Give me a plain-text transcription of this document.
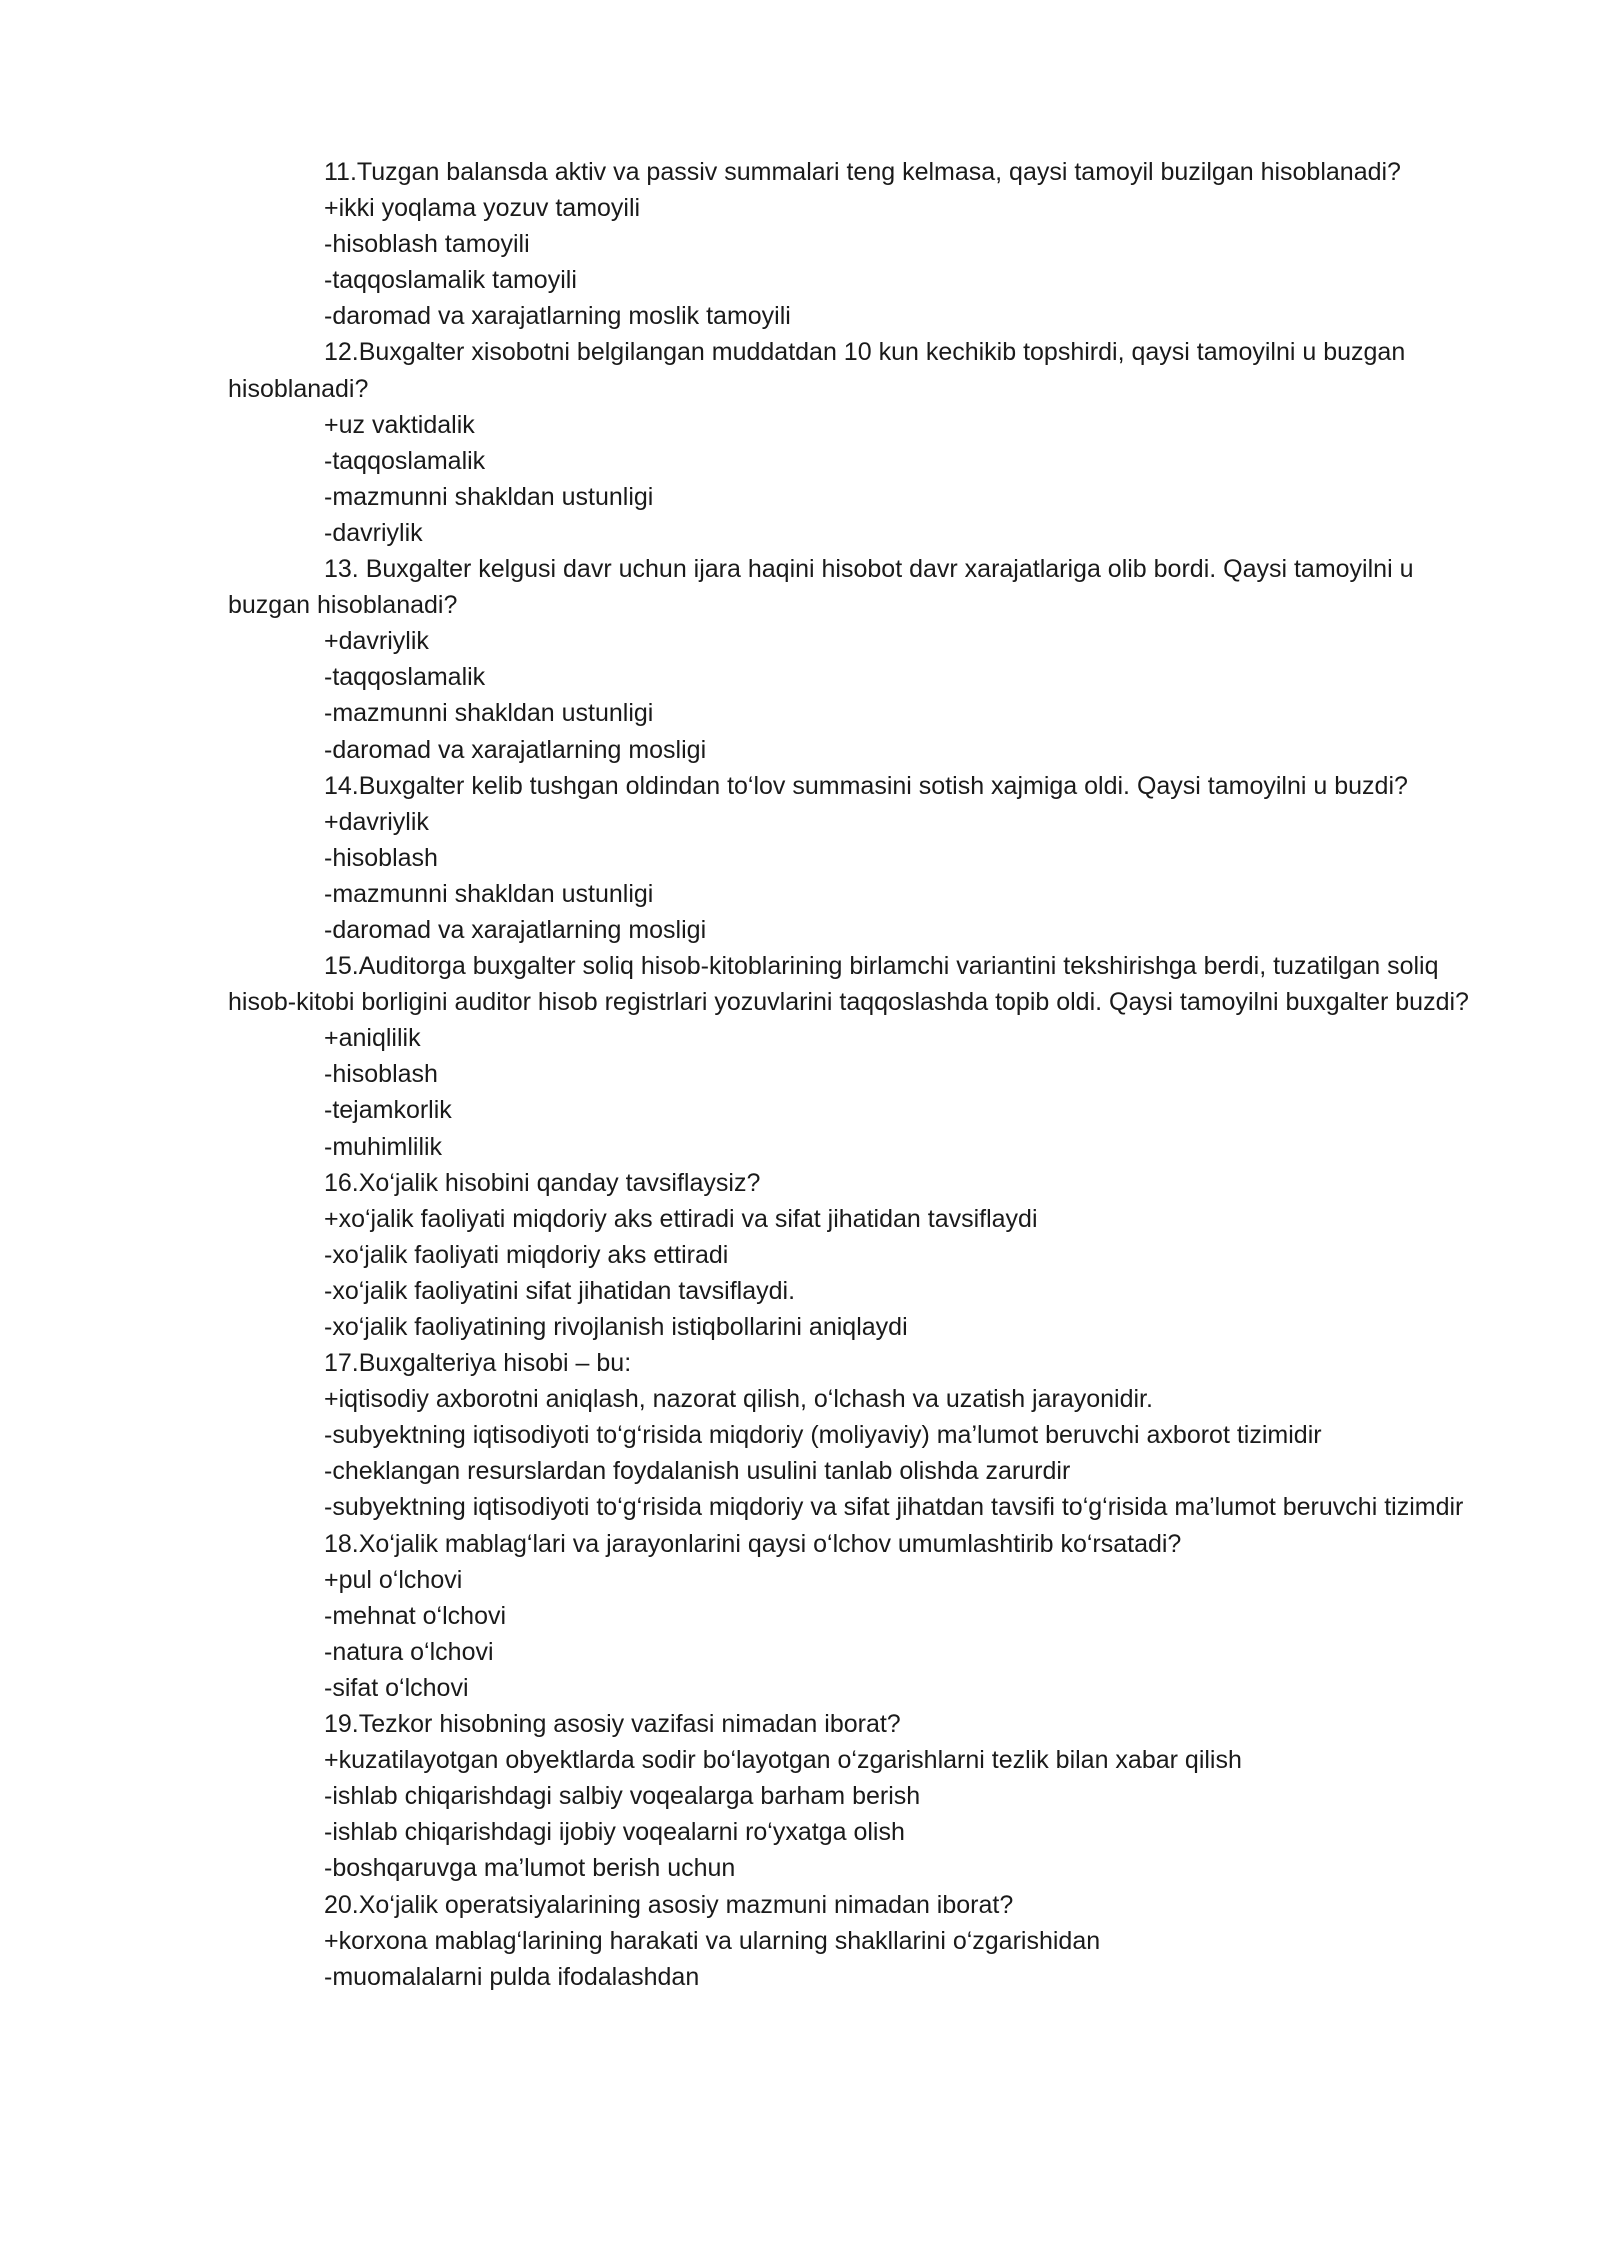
11.Tuzgan balansda aktiv va passiv summalari teng kelmasa, qaysi tamoyil buzilgan hisoblanadi?

+ikki yoqlama yozuv tamoyili

-hisoblash tamoyili

-taqqoslamalik tamoyili

-daromad va xarajatlarning moslik tamoyili

12.Buxgalter xisobotni belgilangan muddatdan 10 kun kechikib topshirdi, qaysi tamoyilni u buzgan hisoblanadi?

+uz vaktidalik

-taqqoslamalik

-mazmunni shakldan ustunligi

-davriylik

13. Buxgalter kelgusi davr uchun ijara haqini hisobot davr xarajatlariga olib bordi. Qaysi tamoyilni u buzgan hisoblanadi?

+davriylik

-taqqoslamalik

-mazmunni shakldan ustunligi

-daromad va xarajatlarning mosligi

14.Buxgalter kelib tushgan oldindan to‘lov summasini sotish xajmiga oldi. Qaysi tamoyilni u buzdi?

+davriylik

-hisoblash

-mazmunni shakldan ustunligi

-daromad va xarajatlarning mosligi

15.Auditorga buxgalter soliq hisob-kitoblarining birlamchi variantini tekshirishga berdi, tuzatilgan soliq hisob-kitobi borligini auditor hisob registrlari yozuvlarini taqqoslashda topib oldi. Qaysi tamoyilni buxgalter buzdi?

+aniqlilik

-hisoblash

-tejamkorlik

-muhimlilik

16.Xo‘jalik hisobini qanday tavsiflaysiz?

+xo‘jalik faoliyati miqdoriy aks ettiradi va sifat jihatidan tavsiflaydi

-xo‘jalik faoliyati miqdoriy aks ettiradi

-xo‘jalik faoliyatini sifat jihatidan tavsiflaydi.

-xo‘jalik faoliyatining rivojlanish istiqbollarini aniqlaydi

17.Buxgalteriya hisobi – bu:

+iqtisodiy axborotni aniqlash, nazorat qilish, o‘lchash va uzatish jarayonidir.

-subyektning iqtisodiyoti to‘g‘risida miqdoriy (moliyaviy) ma’lumot beruvchi axborot tizimidir

-cheklangan resurslardan foydalanish usulini tanlab olishda zarurdir

-subyektning iqtisodiyoti to‘g‘risida miqdoriy va sifat jihatdan tavsifi to‘g‘risida ma’lumot beruvchi tizimdir

18.Xo‘jalik mablag‘lari va jarayonlarini qaysi o‘lchov umumlashtirib ko‘rsatadi?

+pul o‘lchovi

-mehnat o‘lchovi

-natura o‘lchovi

-sifat o‘lchovi

19.Tezkor hisobning asosiy vazifasi nimadan iborat?

+kuzatilayotgan obyektlarda sodir bo‘layotgan o‘zgarishlarni tezlik bilan xabar qilish

-ishlab chiqarishdagi salbiy voqealarga barham berish

-ishlab chiqarishdagi ijobiy voqealarni ro‘yxatga olish

-boshqaruvga ma’lumot berish uchun

20.Xo‘jalik operatsiyalarining asosiy mazmuni nimadan iborat?

+korxona mablag‘larining harakati va ularning shakllarini o‘zgarishidan

-muomalalarni pulda ifodalashdan
